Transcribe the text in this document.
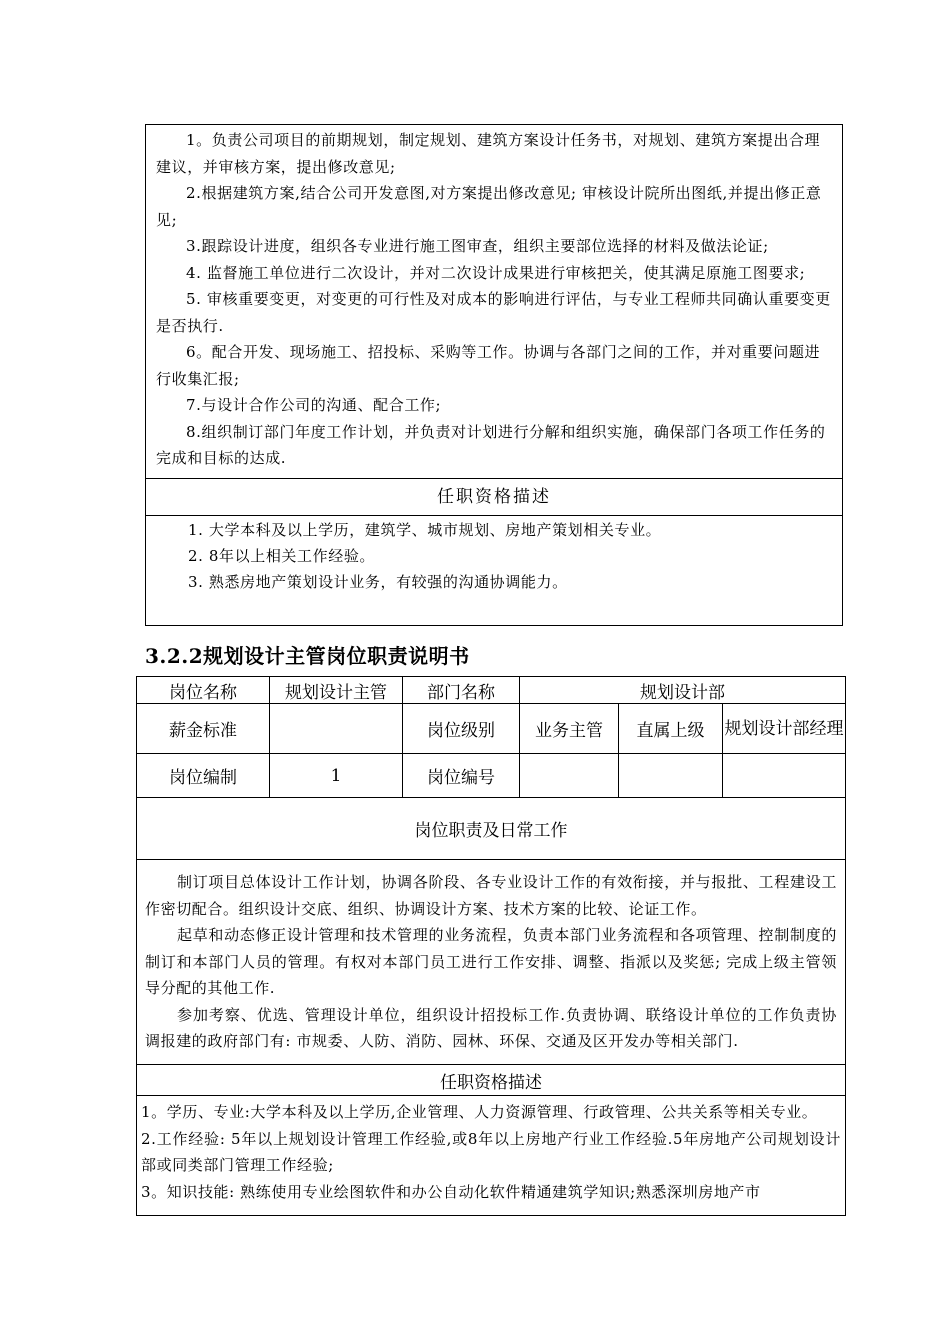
1。负责公司项目的前期规划，制定规划、建筑方案设计任务书，对规划、建筑方案提出合理建议，并审核方案，提出修改意见;

2.根据建筑方案,结合公司开发意图,对方案提出修改意见; 审核设计院所出图纸,并提出修正意见;

3.跟踪设计进度，组织各专业进行施工图审查，组织主要部位选择的材料及做法论证;

4. 监督施工单位进行二次设计，并对二次设计成果进行审核把关，使其满足原施工图要求;

5. 审核重要变更，对变更的可行性及对成本的影响进行评估，与专业工程师共同确认重要变更是否执行.

6。配合开发、现场施工、招投标、采购等工作。协调与各部门之间的工作，并对重要问题进行收集汇报;

7.与设计合作公司的沟通、配合工作;

8.组织制订部门年度工作计划，并负责对计划进行分解和组织实施，确保部门各项工作任务的完成和目标的达成.

任职资格描述

1. 大学本科及以上学历，建筑学、城市规划、房地产策划相关专业。

2. 8年以上相关工作经验。

3. 熟悉房地产策划设计业务，有较强的沟通协调能力。

3.2.2规划设计主管岗位职责说明书
岗位名称	规划设计主管	部门名称	规划设计部		
薪金标准		岗位级别	业务主管	直属上级	规划设计部经理
岗位编制	1	岗位编号			
岗位职责及日常工作					

制订项目总体设计工作计划，协调各阶段、各专业设计工作的有效衔接，并与报批、工程建设工作密切配合。组织设计交底、组织、协调设计方案、技术方案的比较、论证工作。

起草和动态修正设计管理和技术管理的业务流程，负责本部门业务流程和各项管理、控制制度的制订和本部门人员的管理。有权对本部门员工进行工作安排、调整、指派以及奖惩; 完成上级主管领导分配的其他工作.

参加考察、优选、管理设计单位，组织设计招投标工作.负责协调、联络设计单位的工作负责协调报建的政府部门有: 市规委、人防、消防、园林、环保、交通及区开发办等相关部门.					

任职资格描述					

1。学历、专业:大学本科及以上学历,企业管理、人力资源管理、行政管理、公共关系等相关专业。

2.工作经验: 5年以上规划设计管理工作经验,或8年以上房地产行业工作经验.5年房地产公司规划设计部或同类部门管理工作经验;

3。知识技能: 熟练使用专业绘图软件和办公自动化软件精通建筑学知识;熟悉深圳房地产市					
